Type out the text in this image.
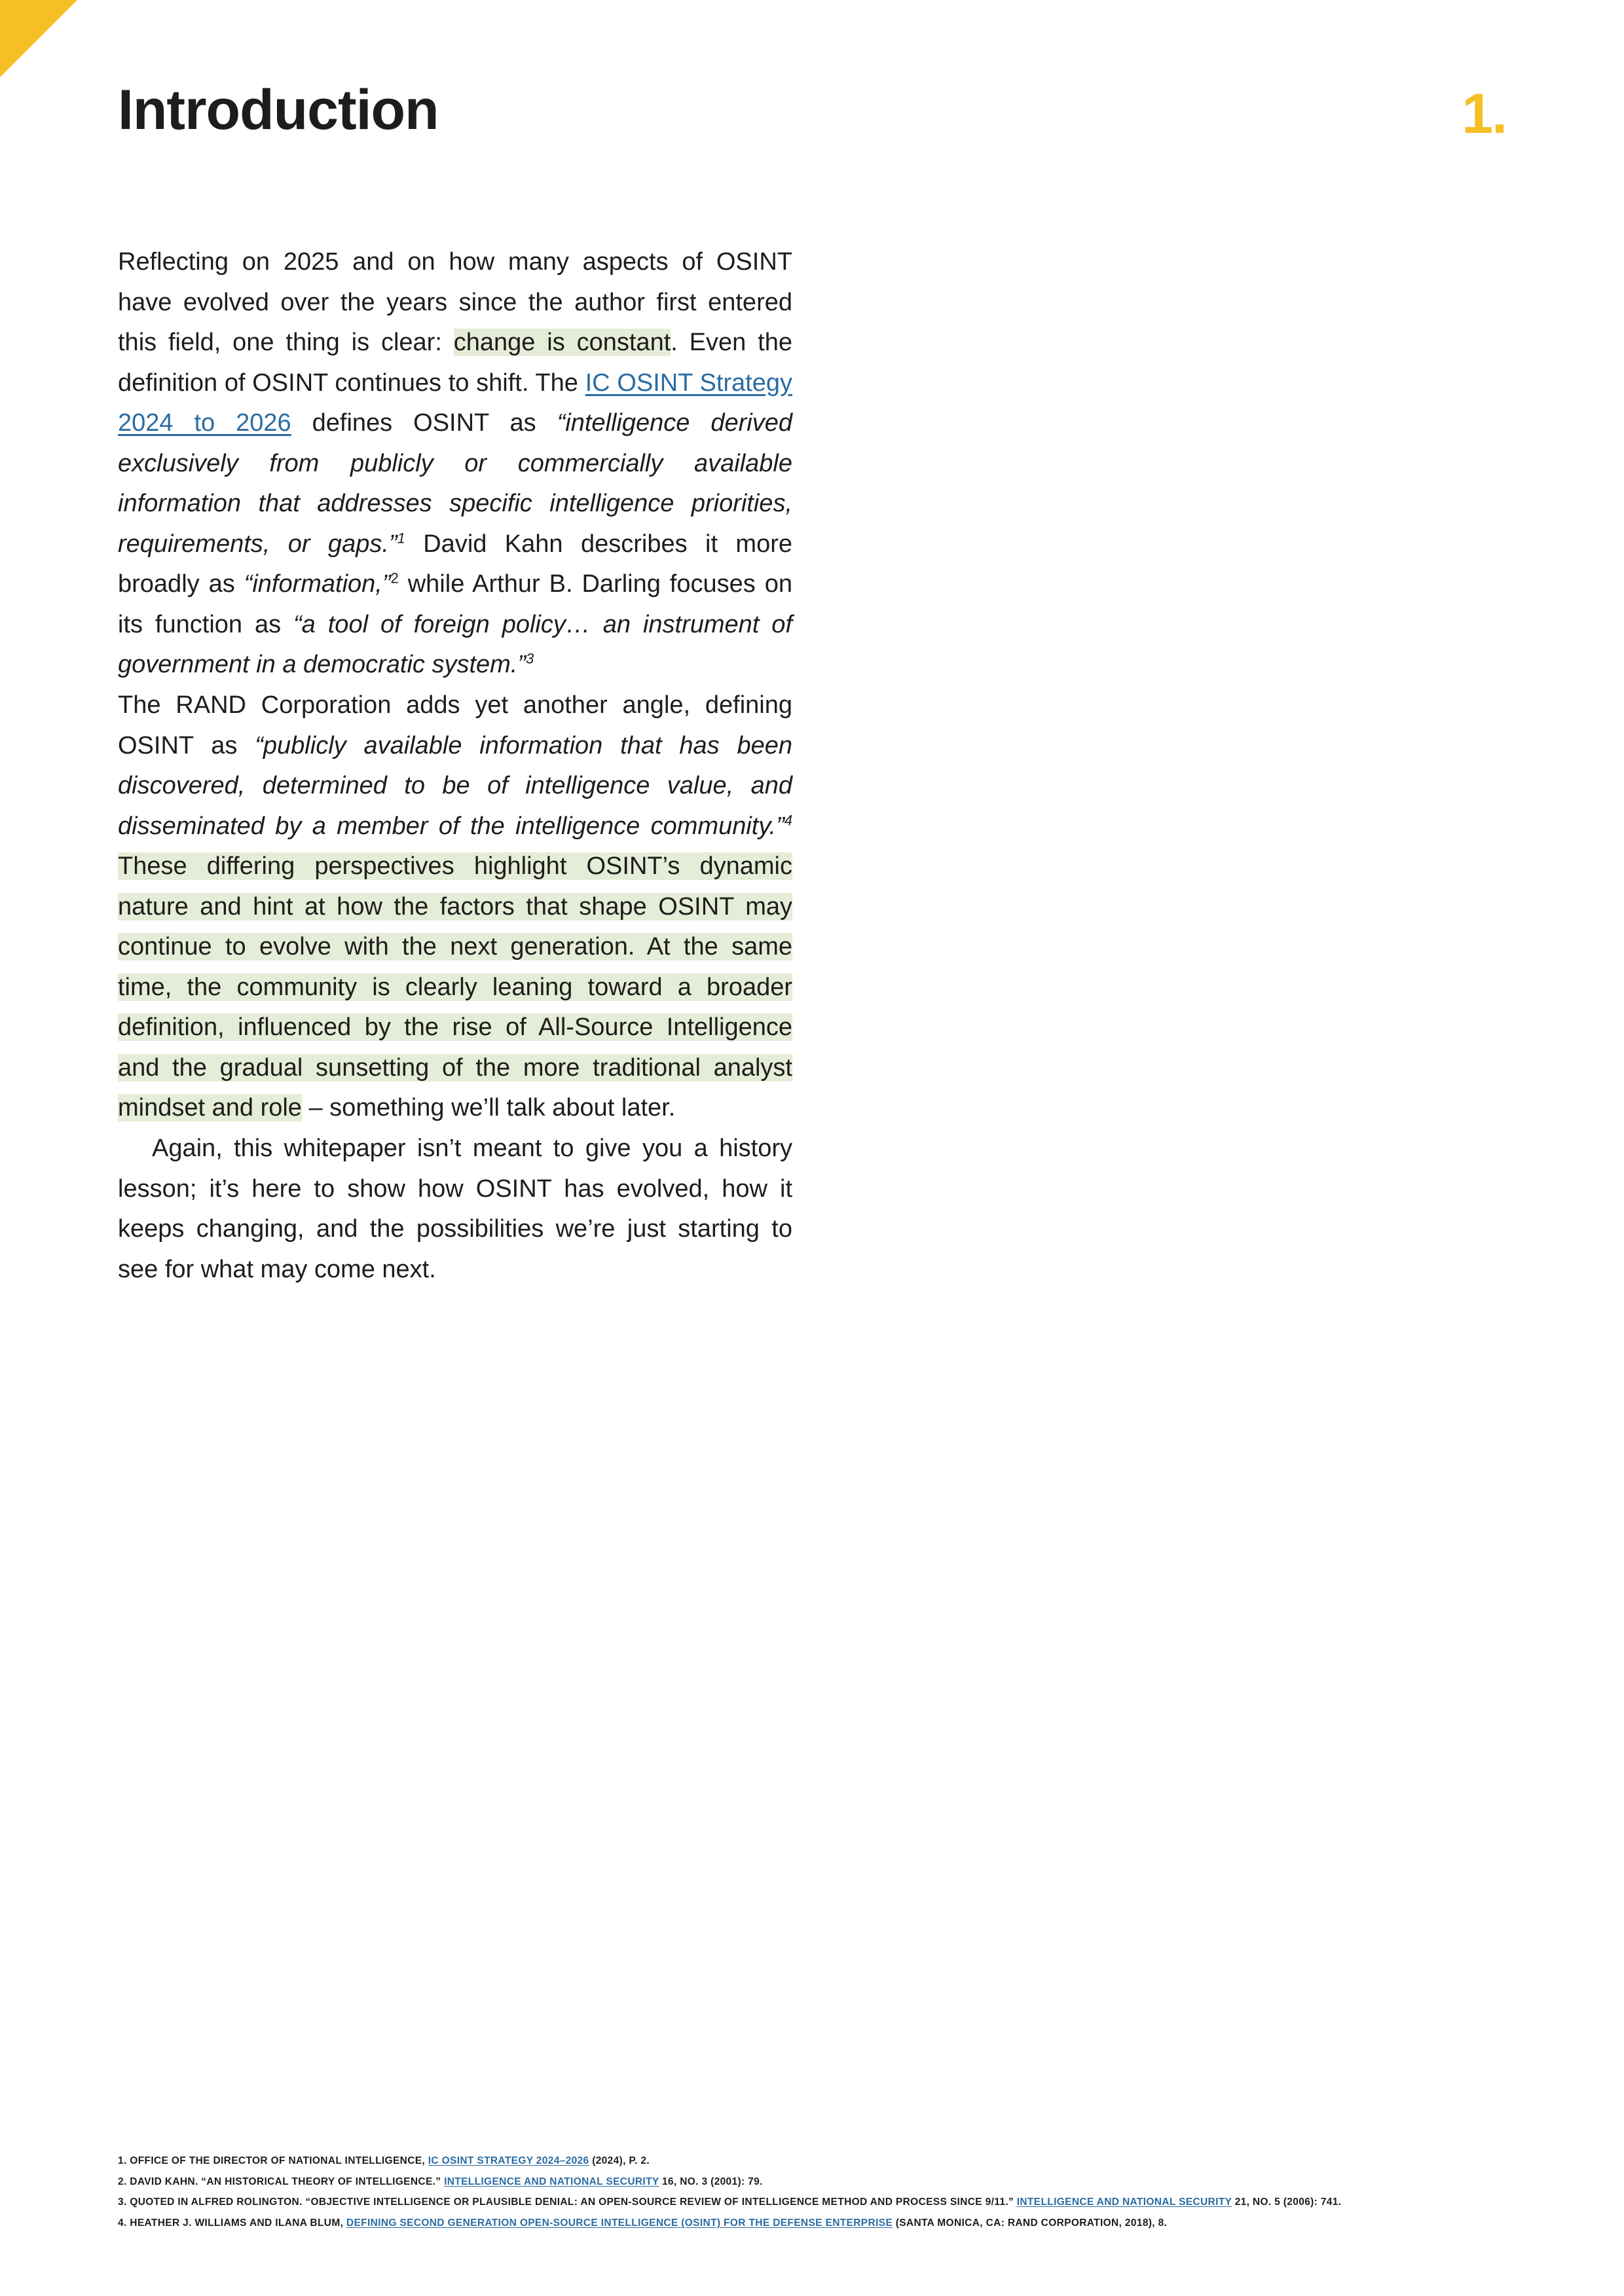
Introduction	1.

Reflecting on 2025 and on how many aspects of OSINT have evolved over the years since the author first entered this field, one thing is clear: change is constant. Even the definition of OSINT continues to shift. The IC OSINT Strategy 2024 to 2026 defines OSINT as “intelligence derived exclusively from publicly or commercially available information that addresses specific intelligence priorities, requirements, or gaps.”$^1$ David Kahn describes it more broadly as “information,”$^2$ while Arthur B. Darling focuses on its function as “a tool of foreign policy… an instrument of government in a democratic system.”$^3$

The RAND Corporation adds yet another angle, defining OSINT as “publicly available information that has been discovered, determined to be of intelligence value, and disseminated by a member of the intelligence community.”$^4$ These differing perspectives highlight OSINT’s dynamic nature and hint at how the factors that shape OSINT may continue to evolve with the next generation. At the same time, the community is clearly leaning toward a broader definition, influenced by the rise of All-Source Intelligence and the gradual sunsetting of the more traditional analyst mindset and role – something we’ll talk about later.

Again, this whitepaper isn’t meant to give you a history lesson; it’s here to show how OSINT has evolved, how it keeps changing, and the possibilities we’re just starting to see for what may come next.

1. OFFICE OF THE DIRECTOR OF NATIONAL INTELLIGENCE, IC OSINT STRATEGY 2024–2026 (2024), P. 2.
2. DAVID KAHN. “AN HISTORICAL THEORY OF INTELLIGENCE.” INTELLIGENCE AND NATIONAL SECURITY 16, NO. 3 (2001): 79.
3. QUOTED IN ALFRED ROLINGTON. “OBJECTIVE INTELLIGENCE OR PLAUSIBLE DENIAL: AN OPEN-SOURCE REVIEW OF INTELLIGENCE METHOD AND PROCESS SINCE 9/11.” INTELLIGENCE AND NATIONAL SECURITY 21, NO. 5 (2006): 741.
4. HEATHER J. WILLIAMS AND ILANA BLUM, DEFINING SECOND GENERATION OPEN-SOURCE INTELLIGENCE (OSINT) FOR THE DEFENSE ENTERPRISE (SANTA MONICA, CA: RAND CORPORATION, 2018), 8.
